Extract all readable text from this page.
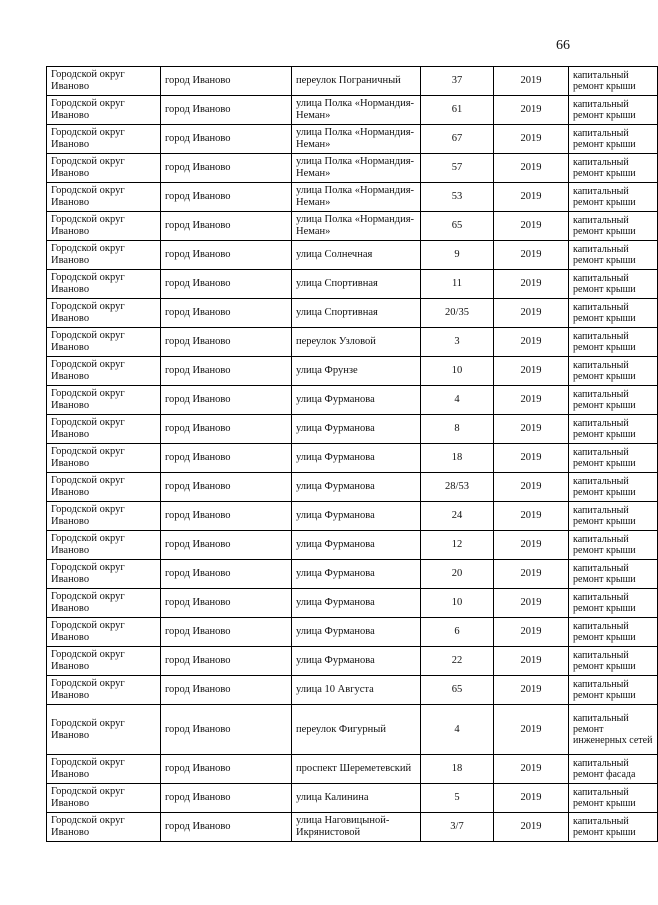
66
Городской округ Иваново	город Иваново	переулок Пограничный	37	2019	капитальный ремонт крыши
Городской округ Иваново	город Иваново	улица Полка «Нормандия-Неман»	61	2019	капитальный ремонт крыши
Городской округ Иваново	город Иваново	улица Полка «Нормандия-Неман»	67	2019	капитальный ремонт крыши
Городской округ Иваново	город Иваново	улица Полка «Нормандия-Неман»	57	2019	капитальный ремонт крыши
Городской округ Иваново	город Иваново	улица Полка «Нормандия-Неман»	53	2019	капитальный ремонт крыши
Городской округ Иваново	город Иваново	улица Полка «Нормандия-Неман»	65	2019	капитальный ремонт крыши
Городской округ Иваново	город Иваново	улица Солнечная	9	2019	капитальный ремонт крыши
Городской округ Иваново	город Иваново	улица Спортивная	11	2019	капитальный ремонт крыши
Городской округ Иваново	город Иваново	улица Спортивная	20/35	2019	капитальный ремонт крыши
Городской округ Иваново	город Иваново	переулок Узловой	3	2019	капитальный ремонт крыши
Городской округ Иваново	город Иваново	улица Фрунзе	10	2019	капитальный ремонт крыши
Городской округ Иваново	город Иваново	улица Фурманова	4	2019	капитальный ремонт крыши
Городской округ Иваново	город Иваново	улица Фурманова	8	2019	капитальный ремонт крыши
Городской округ Иваново	город Иваново	улица Фурманова	18	2019	капитальный ремонт крыши
Городской округ Иваново	город Иваново	улица Фурманова	28/53	2019	капитальный ремонт крыши
Городской округ Иваново	город Иваново	улица Фурманова	24	2019	капитальный ремонт крыши
Городской округ Иваново	город Иваново	улица Фурманова	12	2019	капитальный ремонт крыши
Городской округ Иваново	город Иваново	улица Фурманова	20	2019	капитальный ремонт крыши
Городской округ Иваново	город Иваново	улица Фурманова	10	2019	капитальный ремонт крыши
Городской округ Иваново	город Иваново	улица Фурманова	6	2019	капитальный ремонт крыши
Городской округ Иваново	город Иваново	улица Фурманова	22	2019	капитальный ремонт крыши
Городской округ Иваново	город Иваново	улица 10 Августа	65	2019	капитальный ремонт крыши
Городской округ Иваново	город Иваново	переулок Фигурный	4	2019	капитальный ремонт инженерных сетей
Городской округ Иваново	город Иваново	проспект Шереметевский	18	2019	капитальный ремонт фасада
Городской округ Иваново	город Иваново	улица Калинина	5	2019	капитальный ремонт крыши
Городской округ Иваново	город Иваново	улица Наговицыной-Икрянистовой	3/7	2019	капитальный ремонт крыши
